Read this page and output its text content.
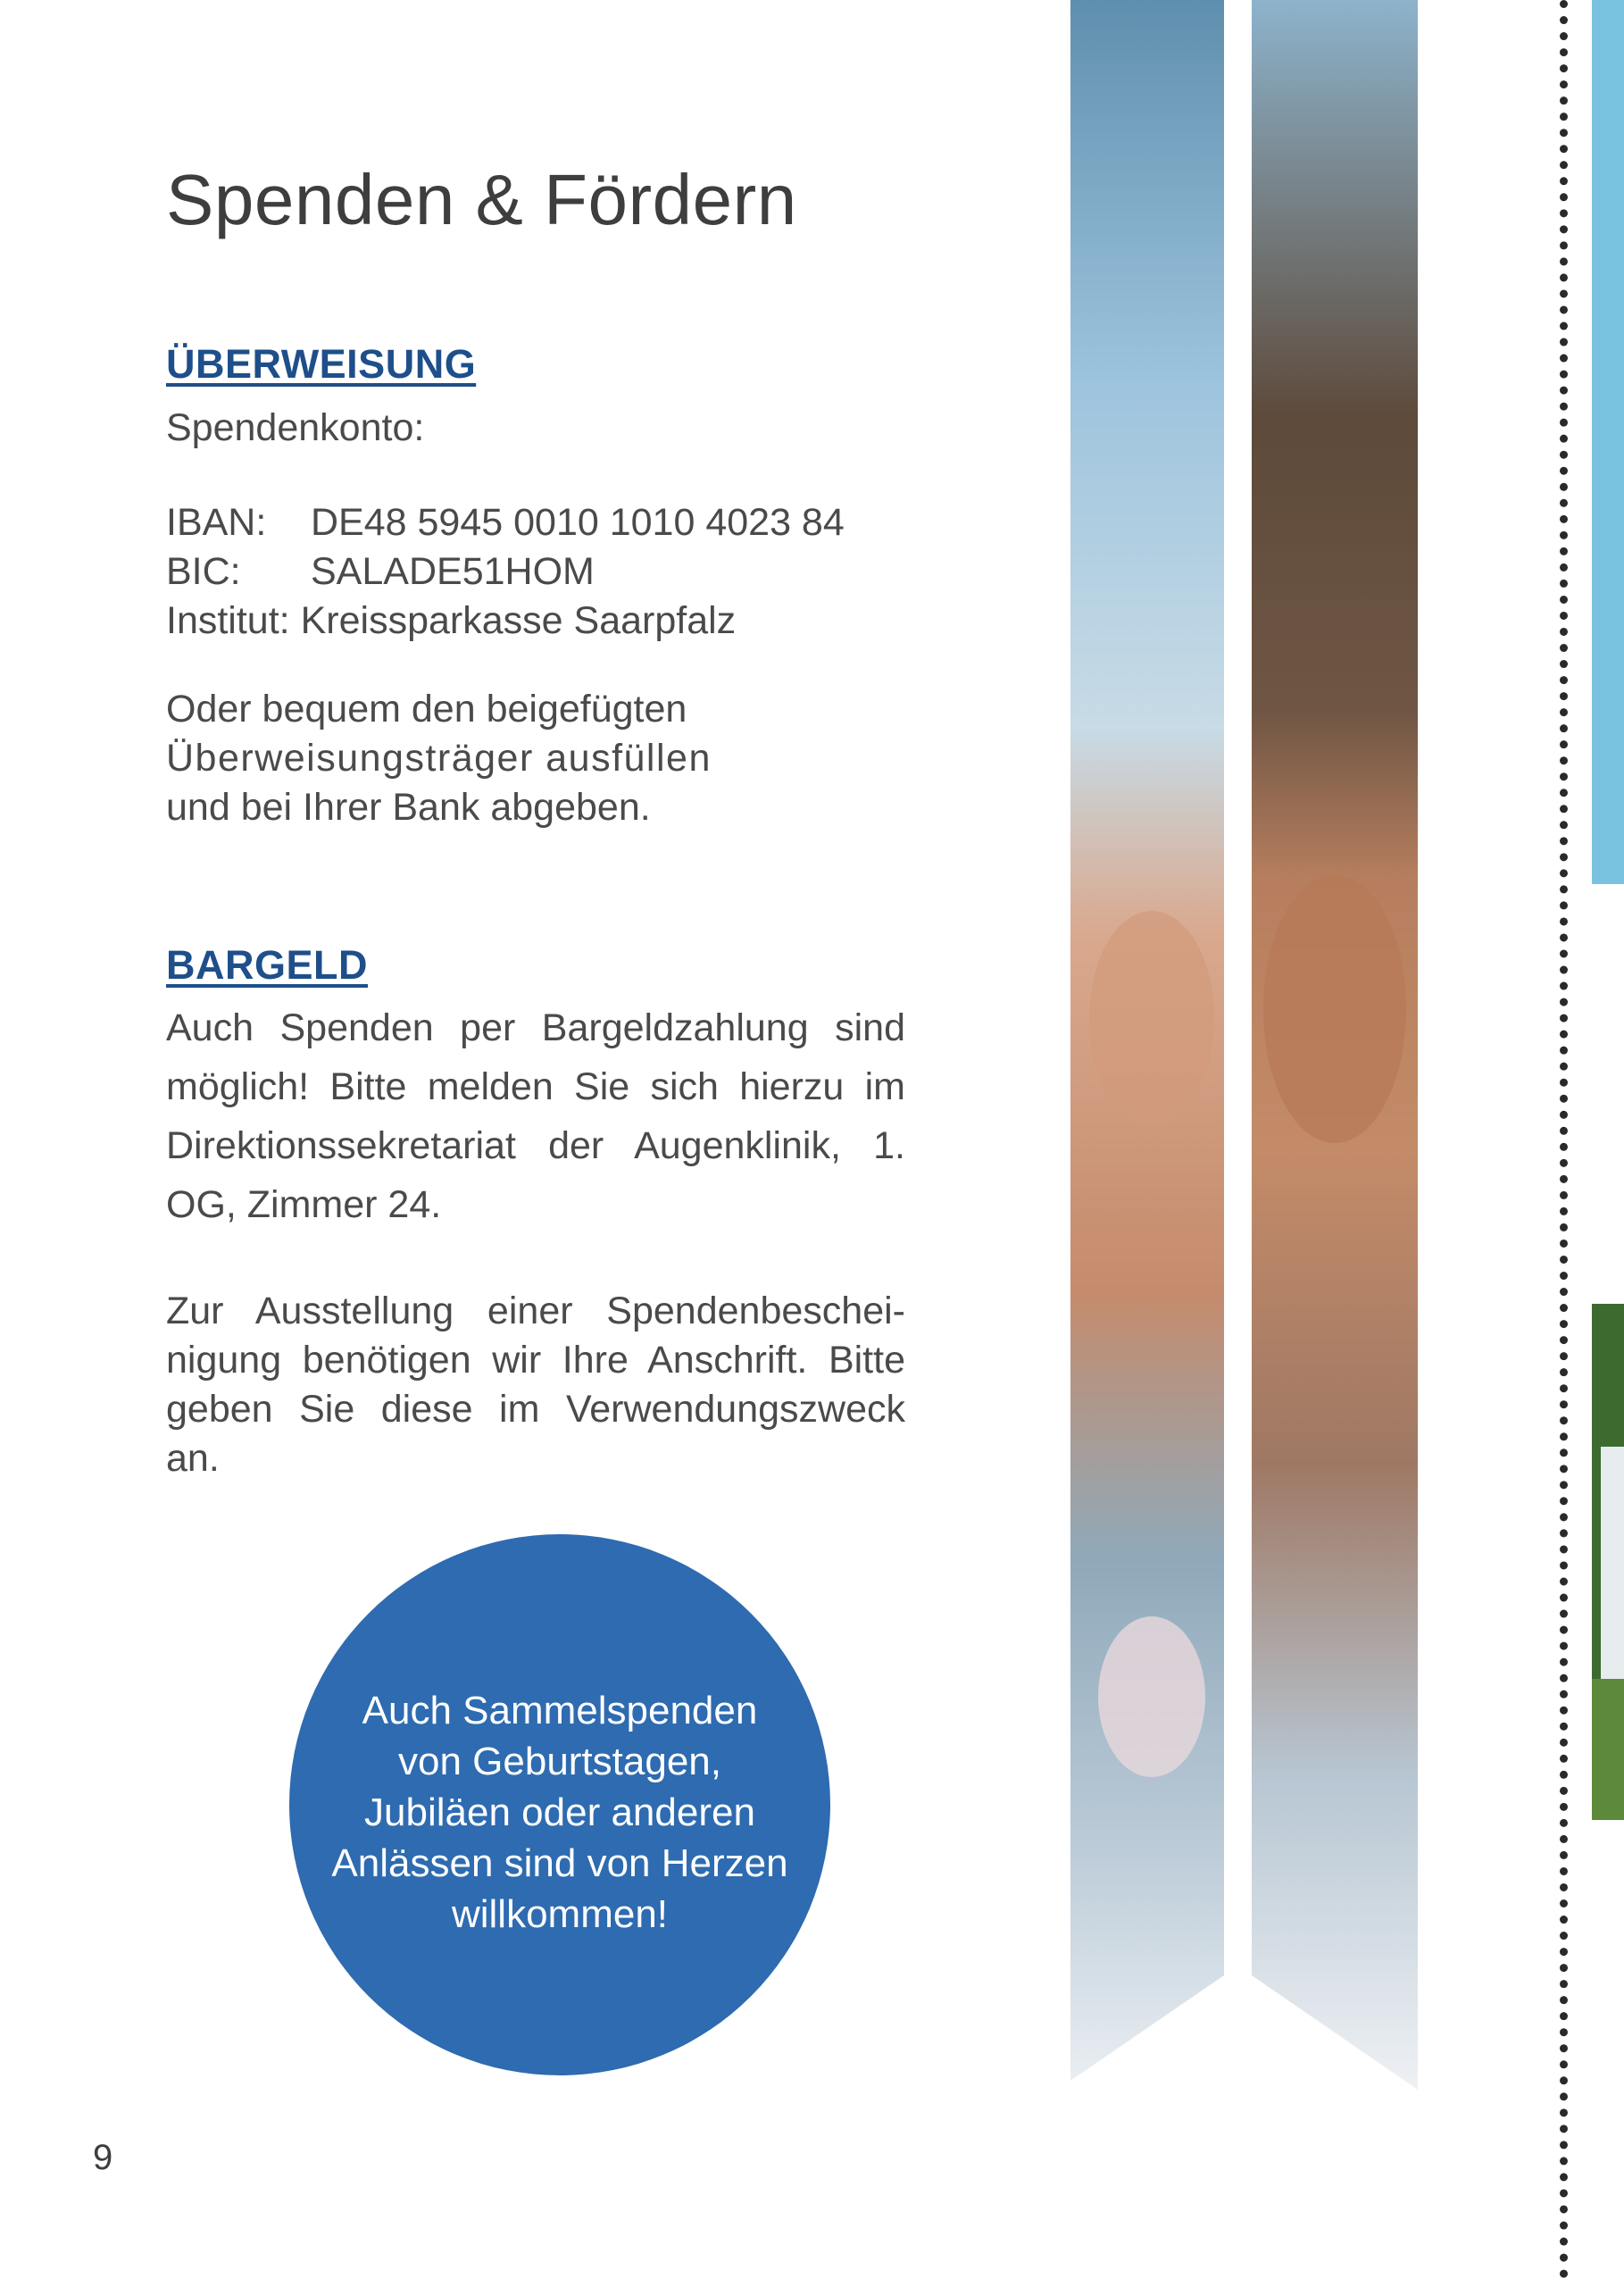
Spenden & Fördern
ÜBERWEISUNG
Spendenkonto:
IBAN:	DE48 5945 0010 1010 4023 84
BIC:	SALADE51HOM
Institut: Kreissparkasse Saarpfalz
Oder bequem den beigefügten
Überweisungsträger ausfüllen
und bei Ihrer Bank abgeben.
BARGELD
Auch Spenden per Bargeldzahlung sind möglich! Bitte melden Sie sich hierzu im Direktionssekretariat der Augenklinik, 1. OG, Zimmer 24.
Zur Ausstellung einer Spendenbeschei-nigung benötigen wir Ihre Anschrift. Bitte geben Sie diese im Verwendungszweck an.
Auch Sammelspenden
von Geburtstagen,
Jubiläen oder anderen
Anlässen sind von Herzen
willkommen!
9
